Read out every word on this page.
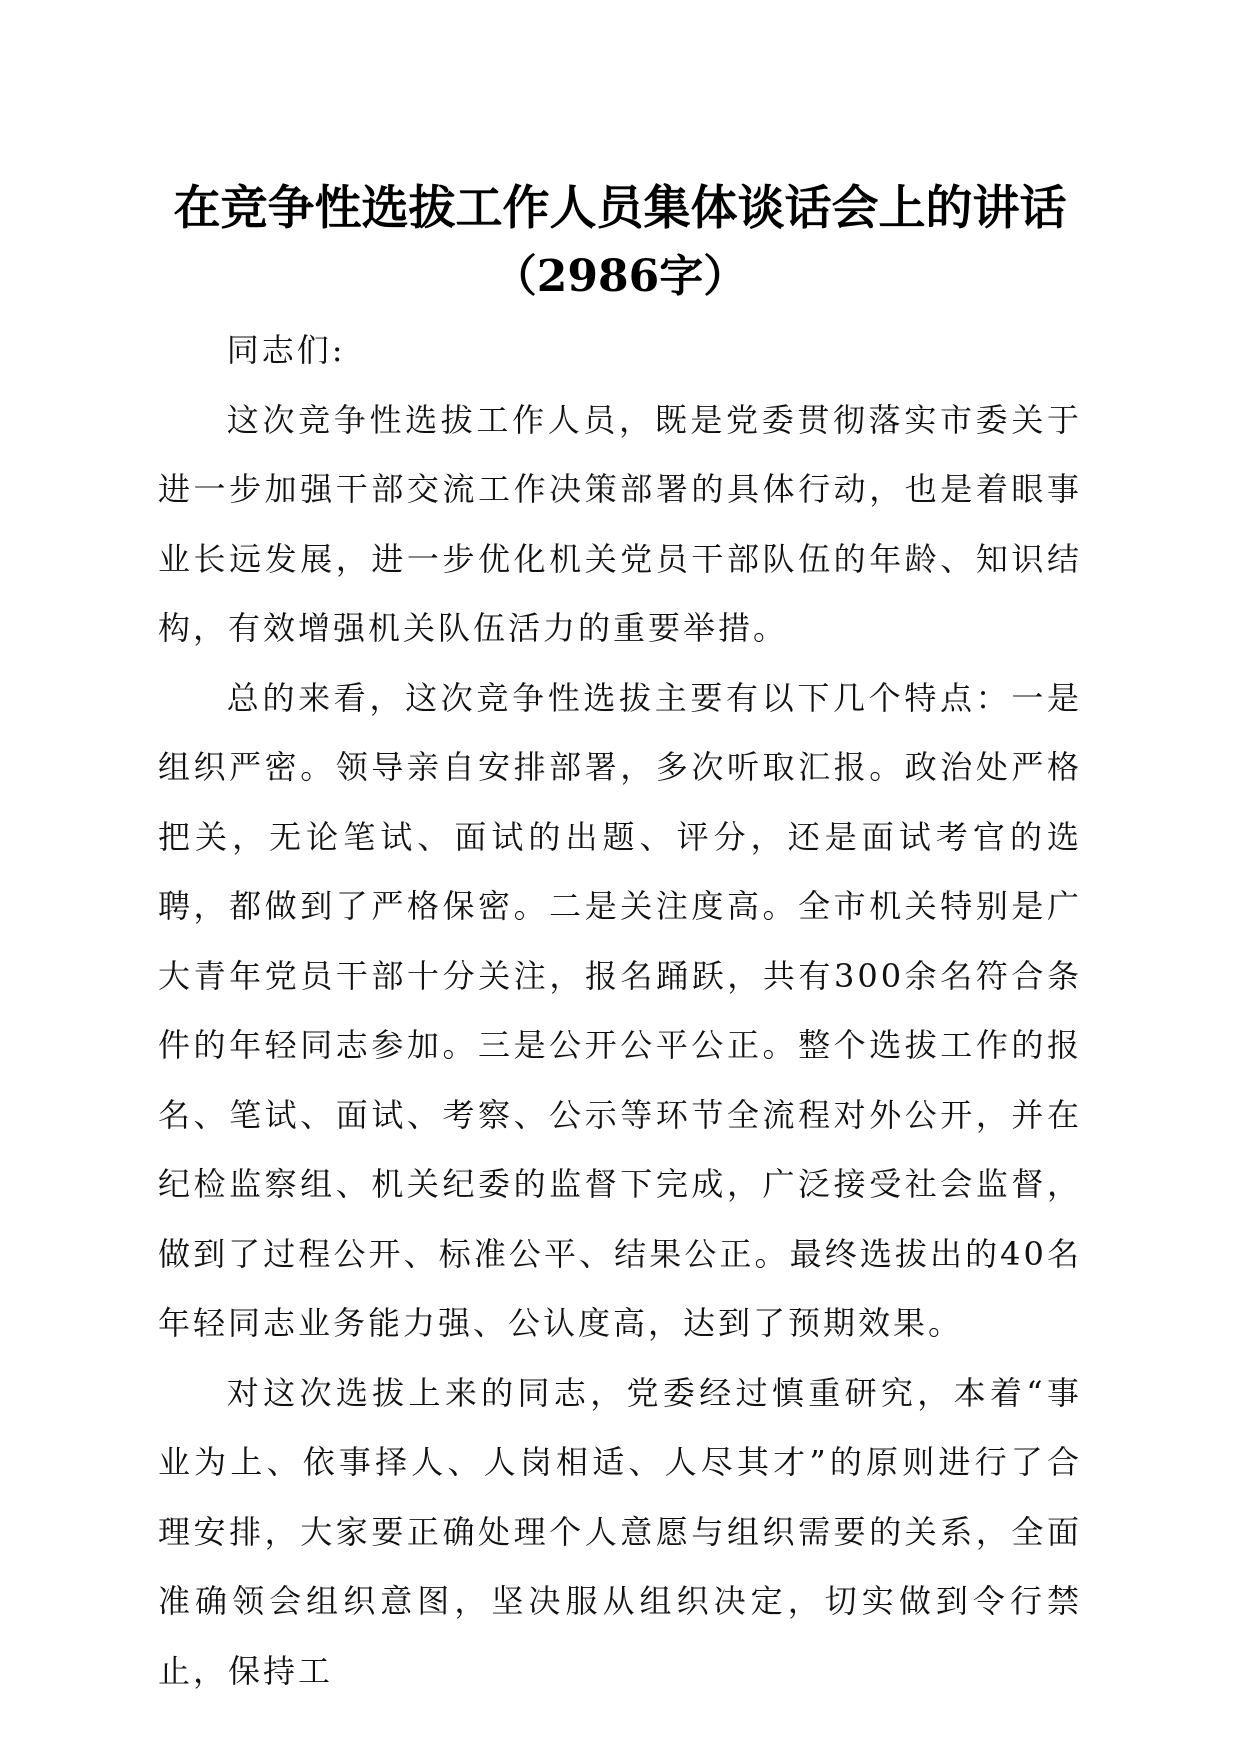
在竞争性选拔工作人员集体谈话会上的讲话
（2986字）

同志们:

这次竞争性选拔工作人员，既是党委贯彻落实市委关于进一步加强干部交流工作决策部署的具体行动，也是着眼事业长远发展，进一步优化机关党员干部队伍的年龄、知识结构，有效增强机关队伍活力的重要举措。

总的来看，这次竞争性选拔主要有以下几个特点：一是组织严密。领导亲自安排部署，多次听取汇报。政治处严格把关，无论笔试、面试的出题、评分，还是面试考官的选聘，都做到了严格保密。二是关注度高。全市机关特别是广大青年党员干部十分关注，报名踊跃，共有300余名符合条件的年轻同志参加。三是公开公平公正。整个选拔工作的报名、笔试、面试、考察、公示等环节全流程对外公开，并在纪检监察组、机关纪委的监督下完成，广泛接受社会监督，做到了过程公开、标准公平、结果公正。最终选拔出的40名年轻同志业务能力强、公认度高，达到了预期效果。

对这次选拔上来的同志，党委经过慎重研究，本着“事业为上、依事择人、人岗相适、人尽其才”的原则进行了合理安排，大家要正确处理个人意愿与组织需要的关系，全面准确领会组织意图，坚决服从组织决定，切实做到令行禁止，保持工
